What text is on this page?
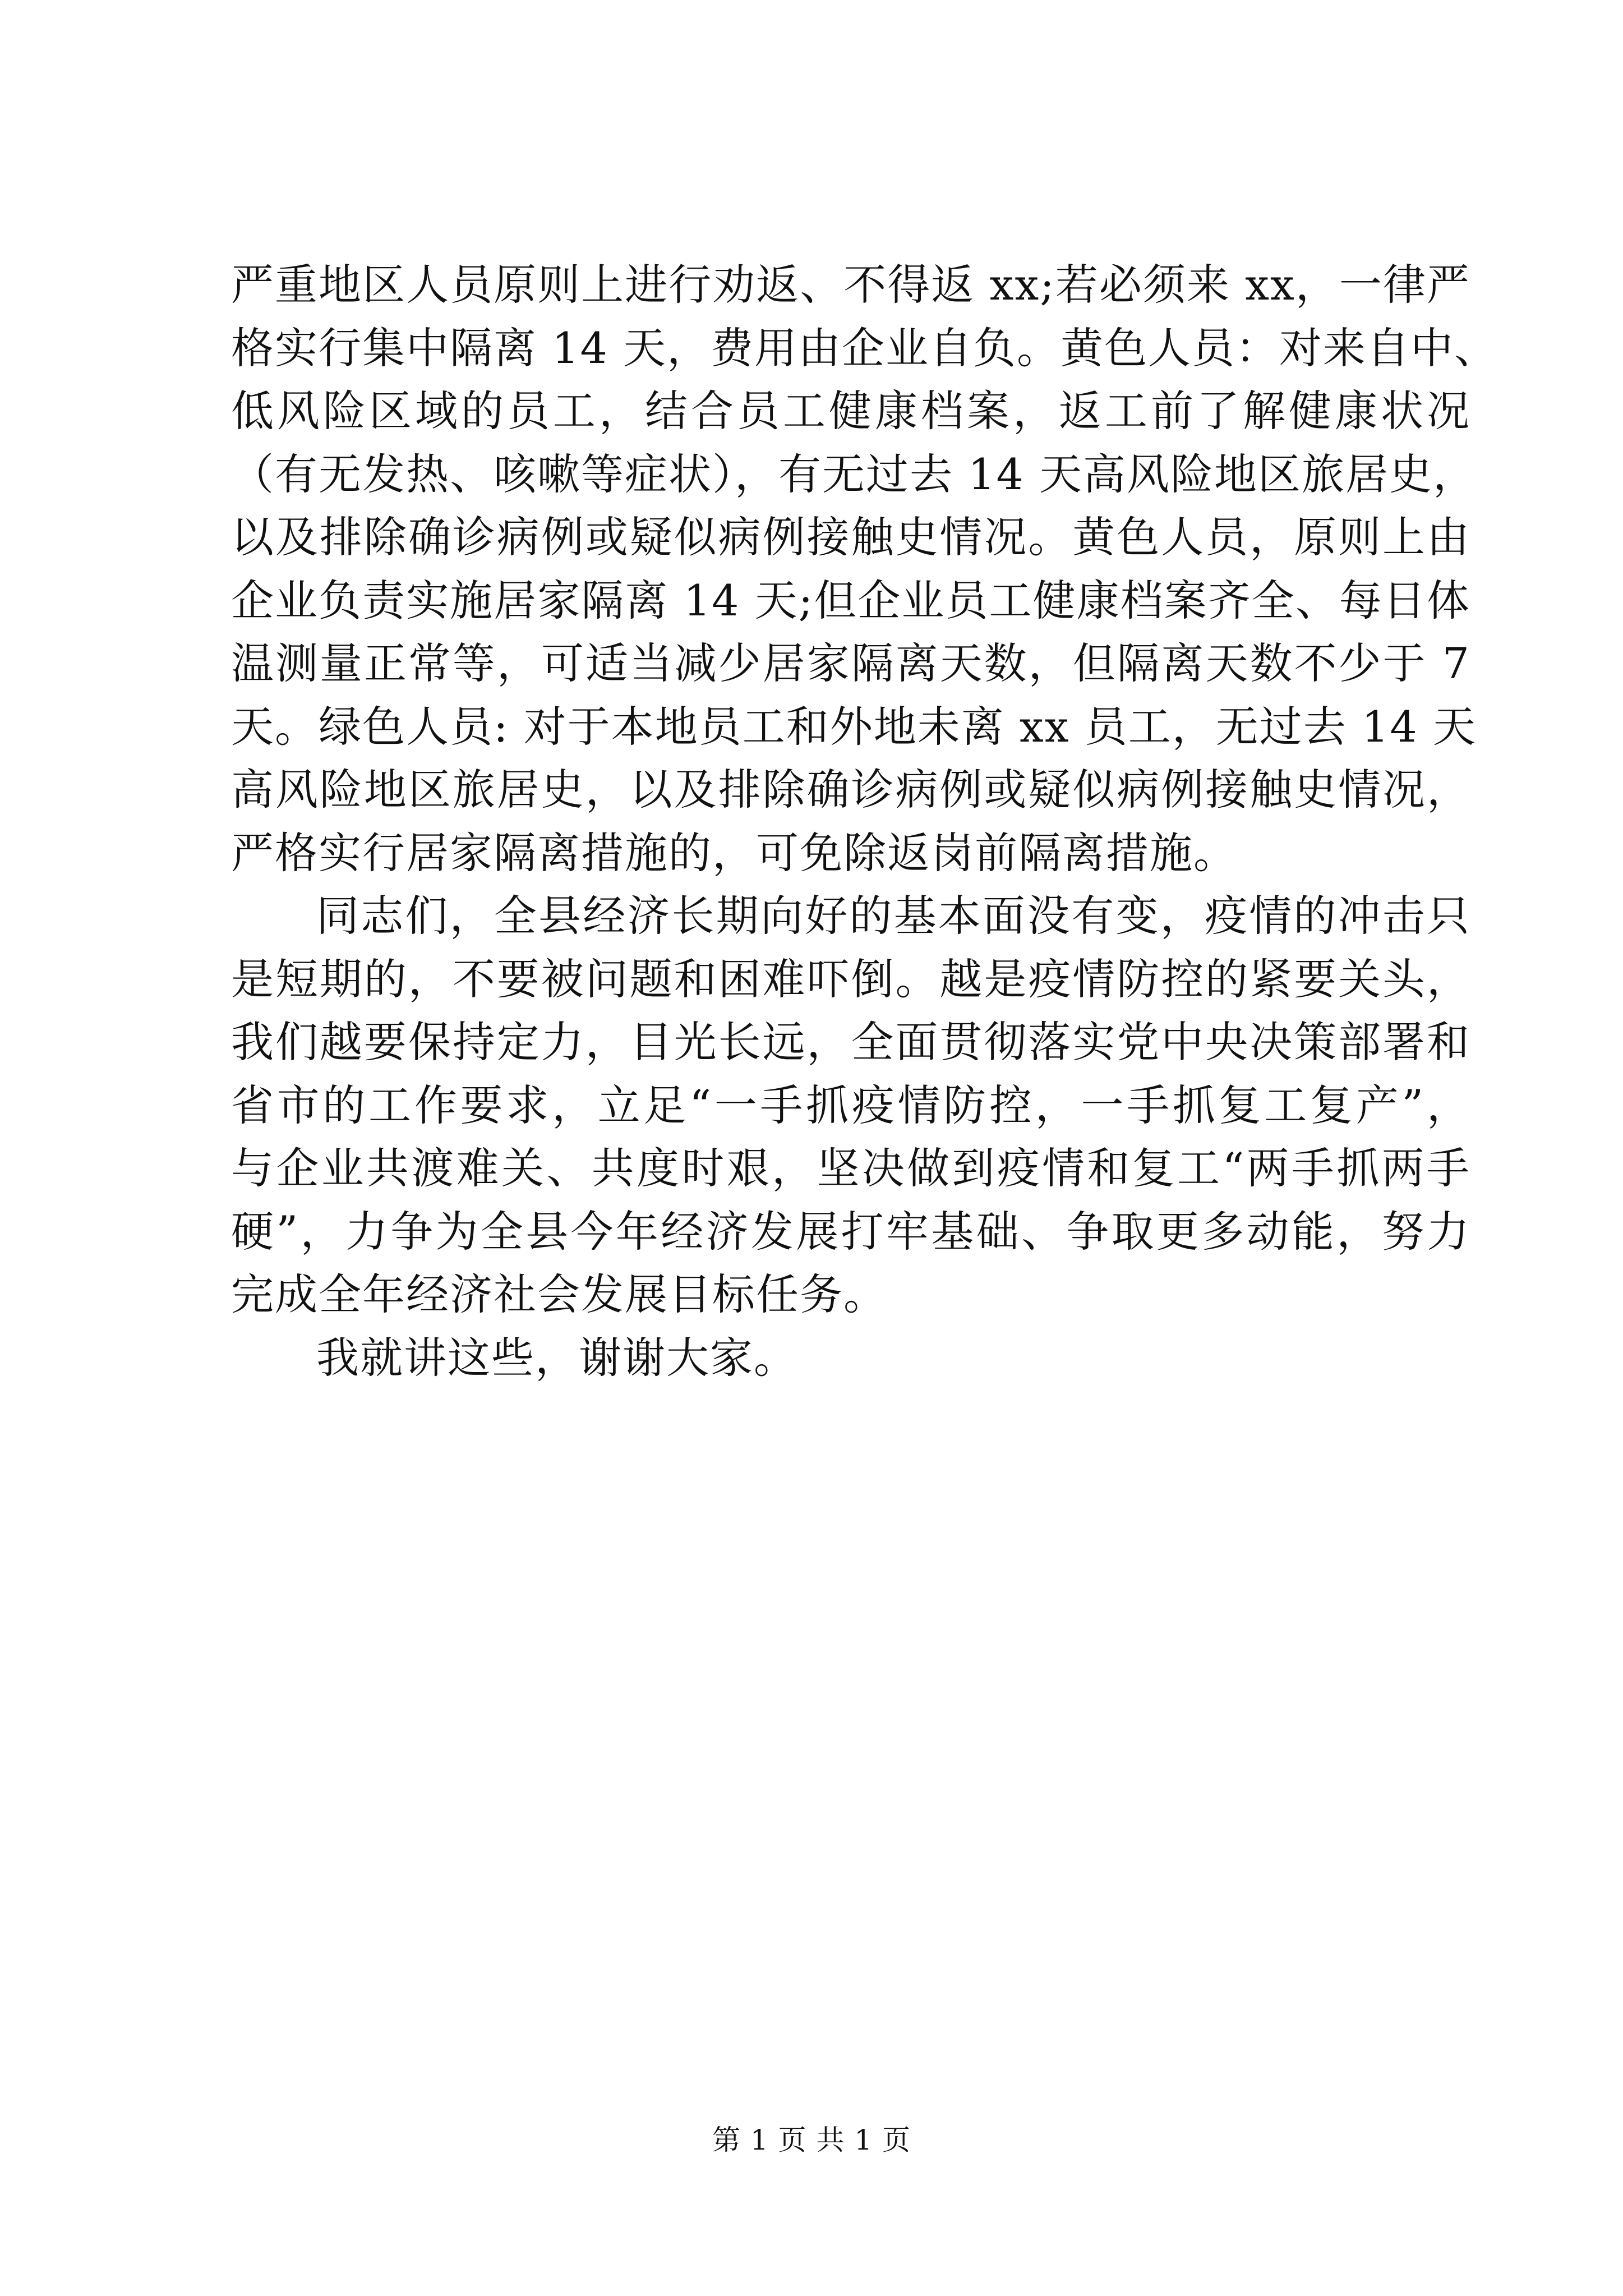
严重地区人员原则上进行劝返、不得返 xx;若必须来 xx，一律严
格实行集中隔离 14 天，费用由企业自负。黄色人员：对来自中、
低风险区域的员工，结合员工健康档案，返工前了解健康状况
（有无发热、咳嗽等症状），有无过去 14 天高风险地区旅居史，
以及排除确诊病例或疑似病例接触史情况。黄色人员，原则上由
企业负责实施居家隔离 14 天;但企业员工健康档案齐全、每日体
温测量正常等，可适当减少居家隔离天数，但隔离天数不少于 7
天。绿色人员: 对于本地员工和外地未离 xx 员工，无过去 14 天
高风险地区旅居史，以及排除确诊病例或疑似病例接触史情况，
严格实行居家隔离措施的，可免除返岗前隔离措施。
同志们，全县经济长期向好的基本面没有变，疫情的冲击只
是短期的，不要被问题和困难吓倒。越是疫情防控的紧要关头，
我们越要保持定力，目光长远，全面贯彻落实党中央决策部署和
省市的工作要求，立足“一手抓疫情防控，一手抓复工复产”，
与企业共渡难关、共度时艰，坚决做到疫情和复工“两手抓两手
硬”，力争为全县今年经济发展打牢基础、争取更多动能，努力
完成全年经济社会发展目标任务。
我就讲这些，谢谢大家。
第 1 页 共 1 页
